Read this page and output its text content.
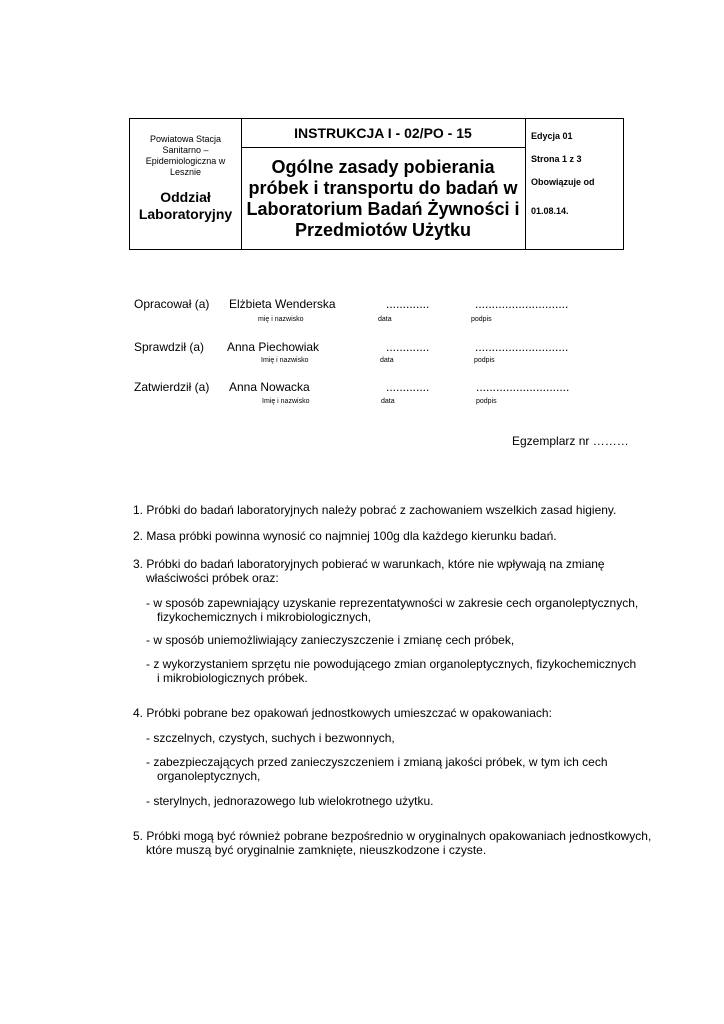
Powiatowa Stacja Sanitarno – Epidemiologiczna w Lesznie
Oddział Laboratoryjny
INSTRUKCJA I - 02/PO - 15
Ogólne zasady pobierania próbek i transportu do badań w Laboratorium Badań Żywności i Przedmiotów Użytku
Edycja 01
Strona 1 z 3
Obowiązuje od
01.08.14.
Opracował (a) Elżbieta Wenderska	.............	............................
mię i nazwisko	data	podpis
Sprawdził (a) Anna Piechowiak	.............	............................
Imię i nazwisko	data	podpis
Zatwierdził (a) Anna Nowacka	.............	............................
Imię i nazwisko	data	podpis
Egzemplarz nr ………
1. Próbki do badań laboratoryjnych należy pobrać z zachowaniem wszelkich zasad higieny.
2. Masa próbki powinna wynosić co najmniej 100g dla każdego kierunku badań.
3. Próbki do badań laboratoryjnych pobierać w warunkach, które nie wpływają na zmianę
właściwości próbek oraz:
- w sposób zapewniający uzyskanie reprezentatywności w zakresie cech organoleptycznych,
fizykochemicznych i mikrobiologicznych,
- w sposób uniemożliwiający zanieczyszczenie i zmianę cech próbek,
- z wykorzystaniem sprzętu nie powodującego zmian organoleptycznych, fizykochemicznych
i mikrobiologicznych próbek.
4. Próbki pobrane bez opakowań jednostkowych umieszczać w opakowaniach:
- szczelnych, czystych, suchych i bezwonnych,
- zabezpieczających przed zanieczyszczeniem i zmianą jakości próbek, w tym ich cech
organoleptycznych,
- sterylnych, jednorazowego lub wielokrotnego użytku.
5. Próbki mogą być również pobrane bezpośrednio w oryginalnych opakowaniach jednostkowych,
które muszą być oryginalnie zamknięte, nieuszkodzone i czyste.
